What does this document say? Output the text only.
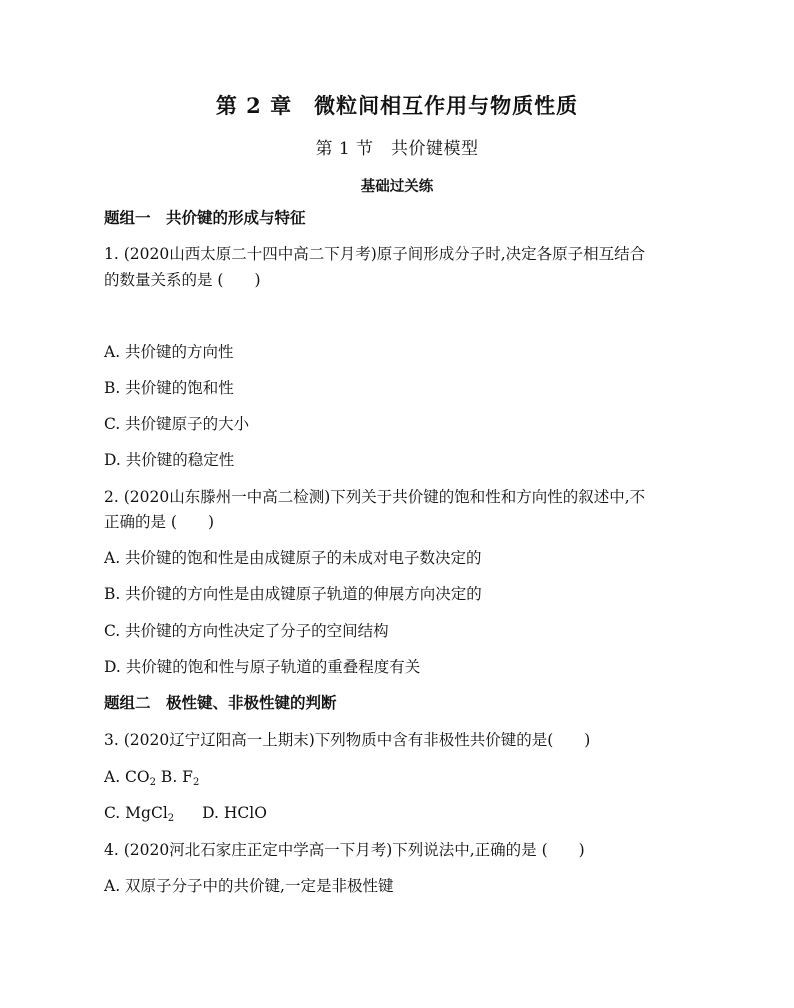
第 2 章　微粒间相互作用与物质性质
第 1 节　共价键模型
基础过关练
题组一　共价键的形成与特征
1. (2020山西太原二十四中高二下月考)原子间形成分子时,决定各原子相互结合
的数量关系的是 (　　)
A. 共价键的方向性
B. 共价键的饱和性
C. 共价键原子的大小
D. 共价键的稳定性
2. (2020山东滕州一中高二检测)下列关于共价键的饱和性和方向性的叙述中,不
正确的是 (　　)
A. 共价键的饱和性是由成键原子的未成对电子数决定的
B. 共价键的方向性是由成键原子轨道的伸展方向决定的
C. 共价键的方向性决定了分子的空间结构
D. 共价键的饱和性与原子轨道的重叠程度有关
题组二　极性键、非极性键的判断
3. (2020辽宁辽阳高一上期末)下列物质中含有非极性共价键的是(　　)
A. $CO_2$ B. $F_2$
C. MgCl$_2$ D. HClO
4. (2020河北石家庄正定中学高一下月考)下列说法中,正确的是 (　　)
A. 双原子分子中的共价键,一定是非极性键
